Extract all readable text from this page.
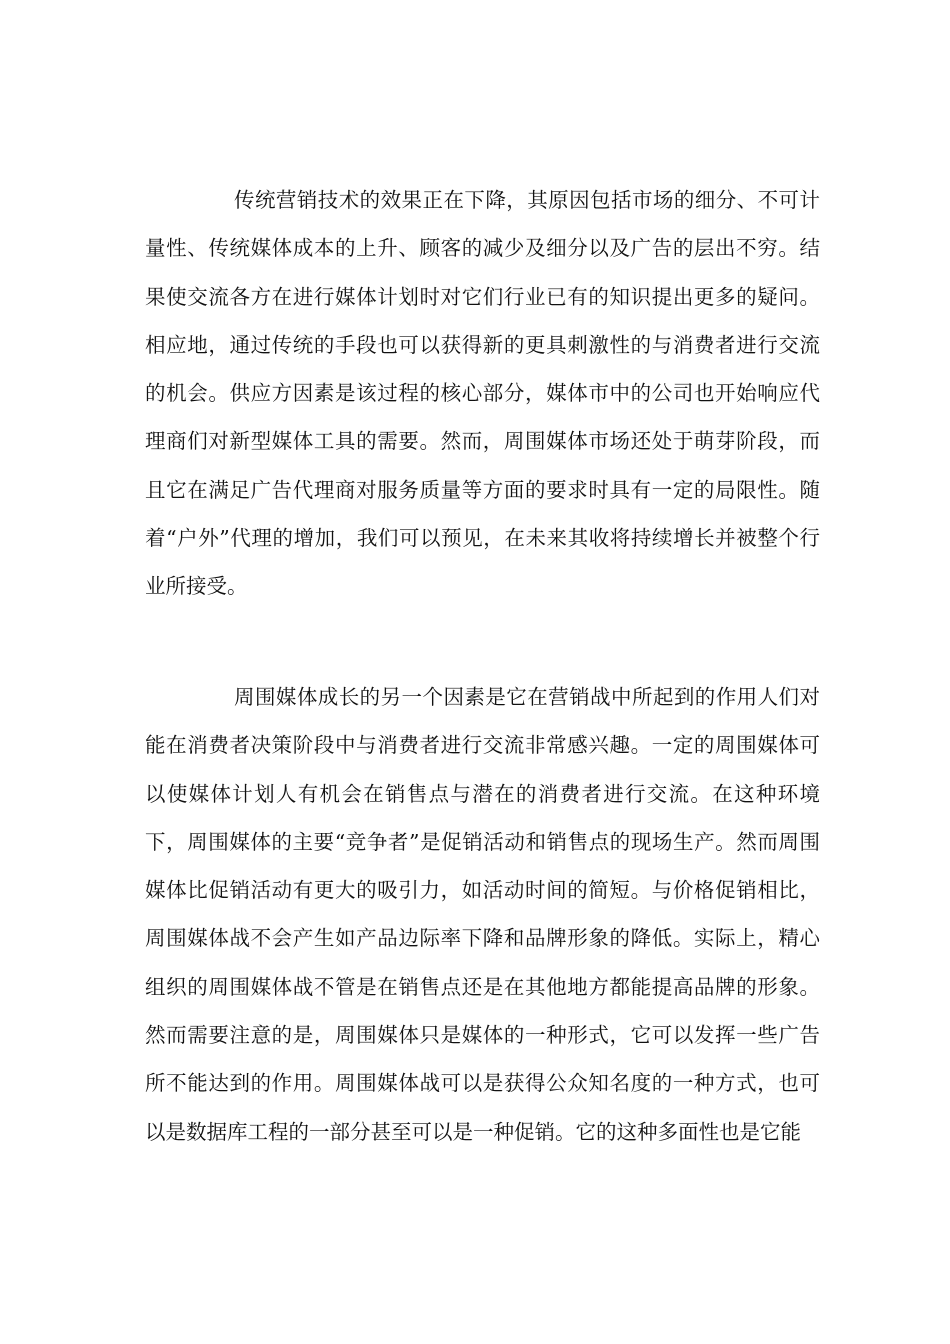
传统营销技术的效果正在下降，其原因包括市场的细分、不可计量性、传统媒体成本的上升、顾客的减少及细分以及广告的层出不穷。结果使交流各方在进行媒体计划时对它们行业已有的知识提出更多的疑问。相应地，通过传统的手段也可以获得新的更具刺激性的与消费者进行交流的机会。供应方因素是该过程的核心部分，媒体市中的公司也开始响应代理商们对新型媒体工具的需要。然而，周围媒体市场还处于萌芽阶段，而且它在满足广告代理商对服务质量等方面的要求时具有一定的局限性。随着“户外”代理的增加，我们可以预见，在未来其收将持续增长并被整个行业所接受。

周围媒体成长的另一个因素是它在营销战中所起到的作用人们对能在消费者决策阶段中与消费者进行交流非常感兴趣。一定的周围媒体可以使媒体计划人有机会在销售点与潜在的消费者进行交流。在这种环境下，周围媒体的主要“竞争者”是促销活动和销售点的现场生产。然而周围媒体比促销活动有更大的吸引力，如活动时间的简短。与价格促销相比，周围媒体战不会产生如产品边际率下降和品牌形象的降低。实际上，精心组织的周围媒体战不管是在销售点还是在其他地方都能提高品牌的形象。然而需要注意的是，周围媒体只是媒体的一种形式，它可以发挥一些广告所不能达到的作用。周围媒体战可以是获得公众知名度的一种方式，也可以是数据库工程的一部分甚至可以是一种促销。它的这种多面性也是它能
